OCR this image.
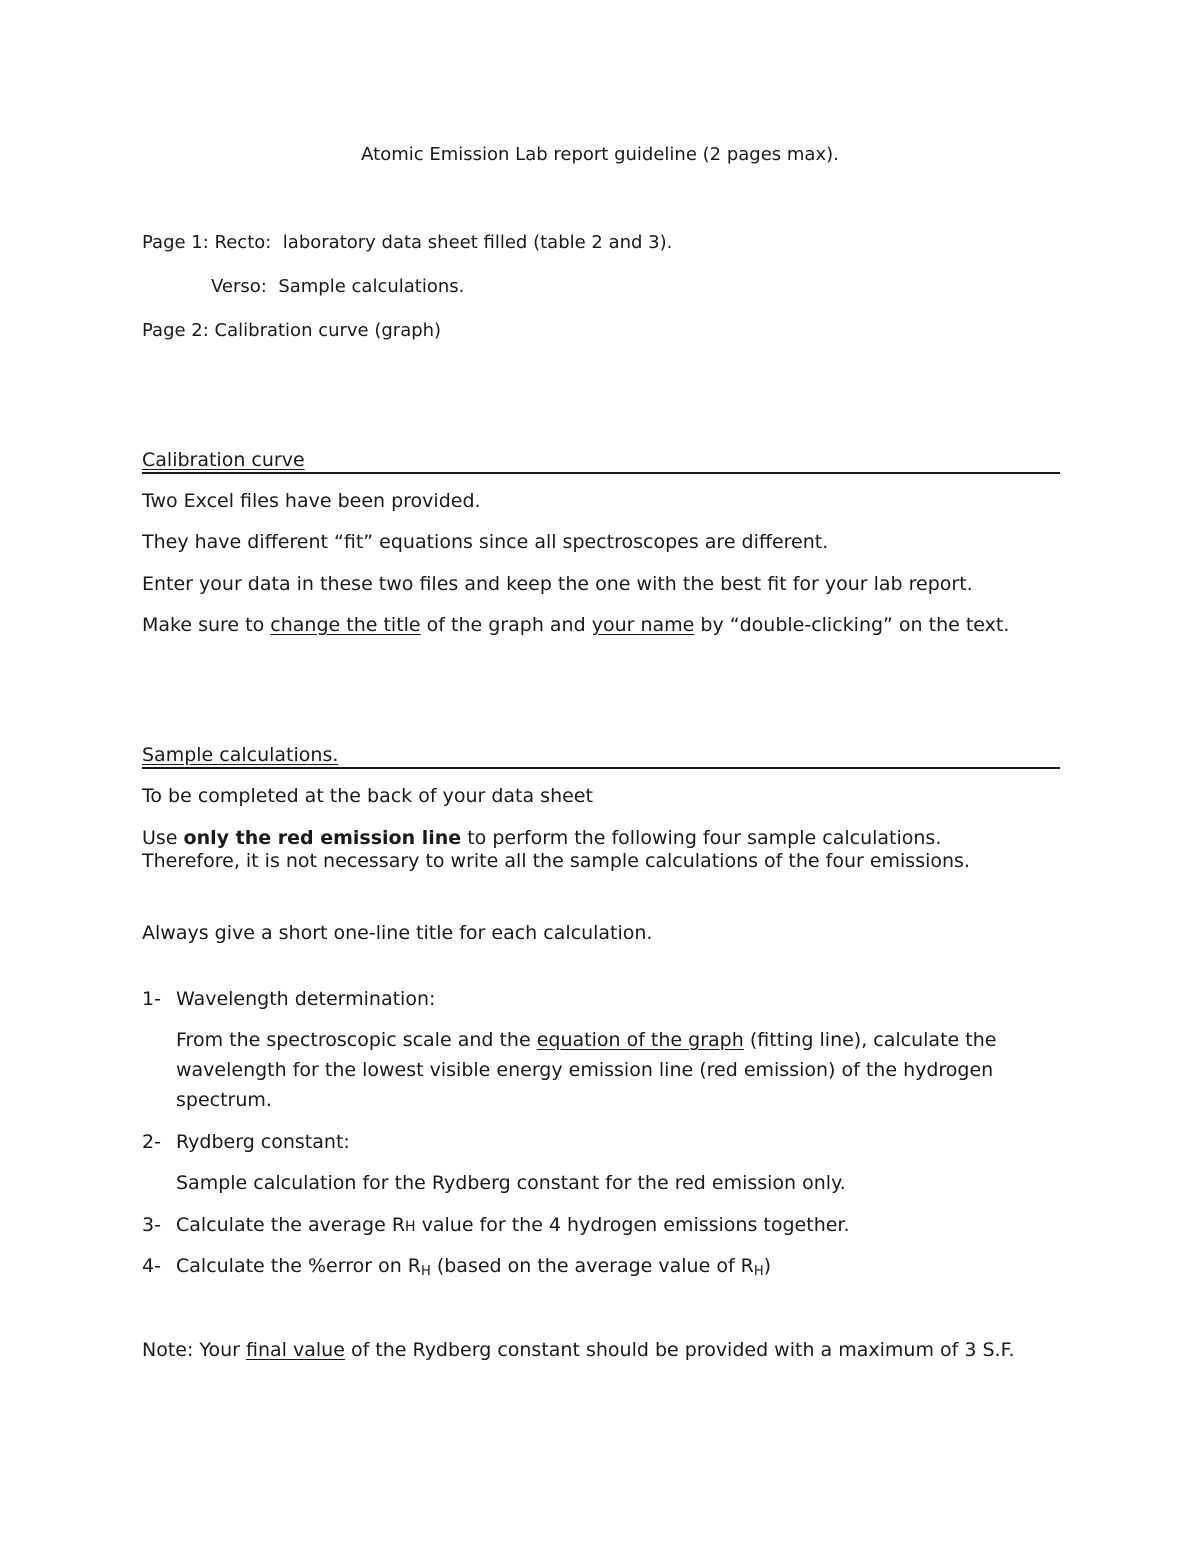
Atomic Emission Lab report guideline (2 pages max).
Page 1: Recto: laboratory data sheet filled (table 2 and 3).
Verso: Sample calculations.
Page 2: Calibration curve (graph)
Calibration curve
Two Excel files have been provided.
They have different “fit” equations since all spectroscopes are different.
Enter your data in these two files and keep the one with the best fit for your lab report.
Make sure to change the title of the graph and your name by “double-clicking” on the text.
Sample calculations.
To be completed at the back of your data sheet
Use only the red emission line to perform the following four sample calculations.
Therefore, it is not necessary to write all the sample calculations of the four emissions.
Always give a short one-line title for each calculation.
1- Wavelength determination:
From the spectroscopic scale and the equation of the graph (fitting line), calculate the
wavelength for the lowest visible energy emission line (red emission) of the hydrogen
spectrum.
2- Rydberg constant:
Sample calculation for the Rydberg constant for the red emission only.
3- Calculate the average RH value for the 4 hydrogen emissions together.
4- Calculate the %error on $R_H$ (based on the average value of $R_H$)
Note: Your final value of the Rydberg constant should be provided with a maximum of 3 S.F.
